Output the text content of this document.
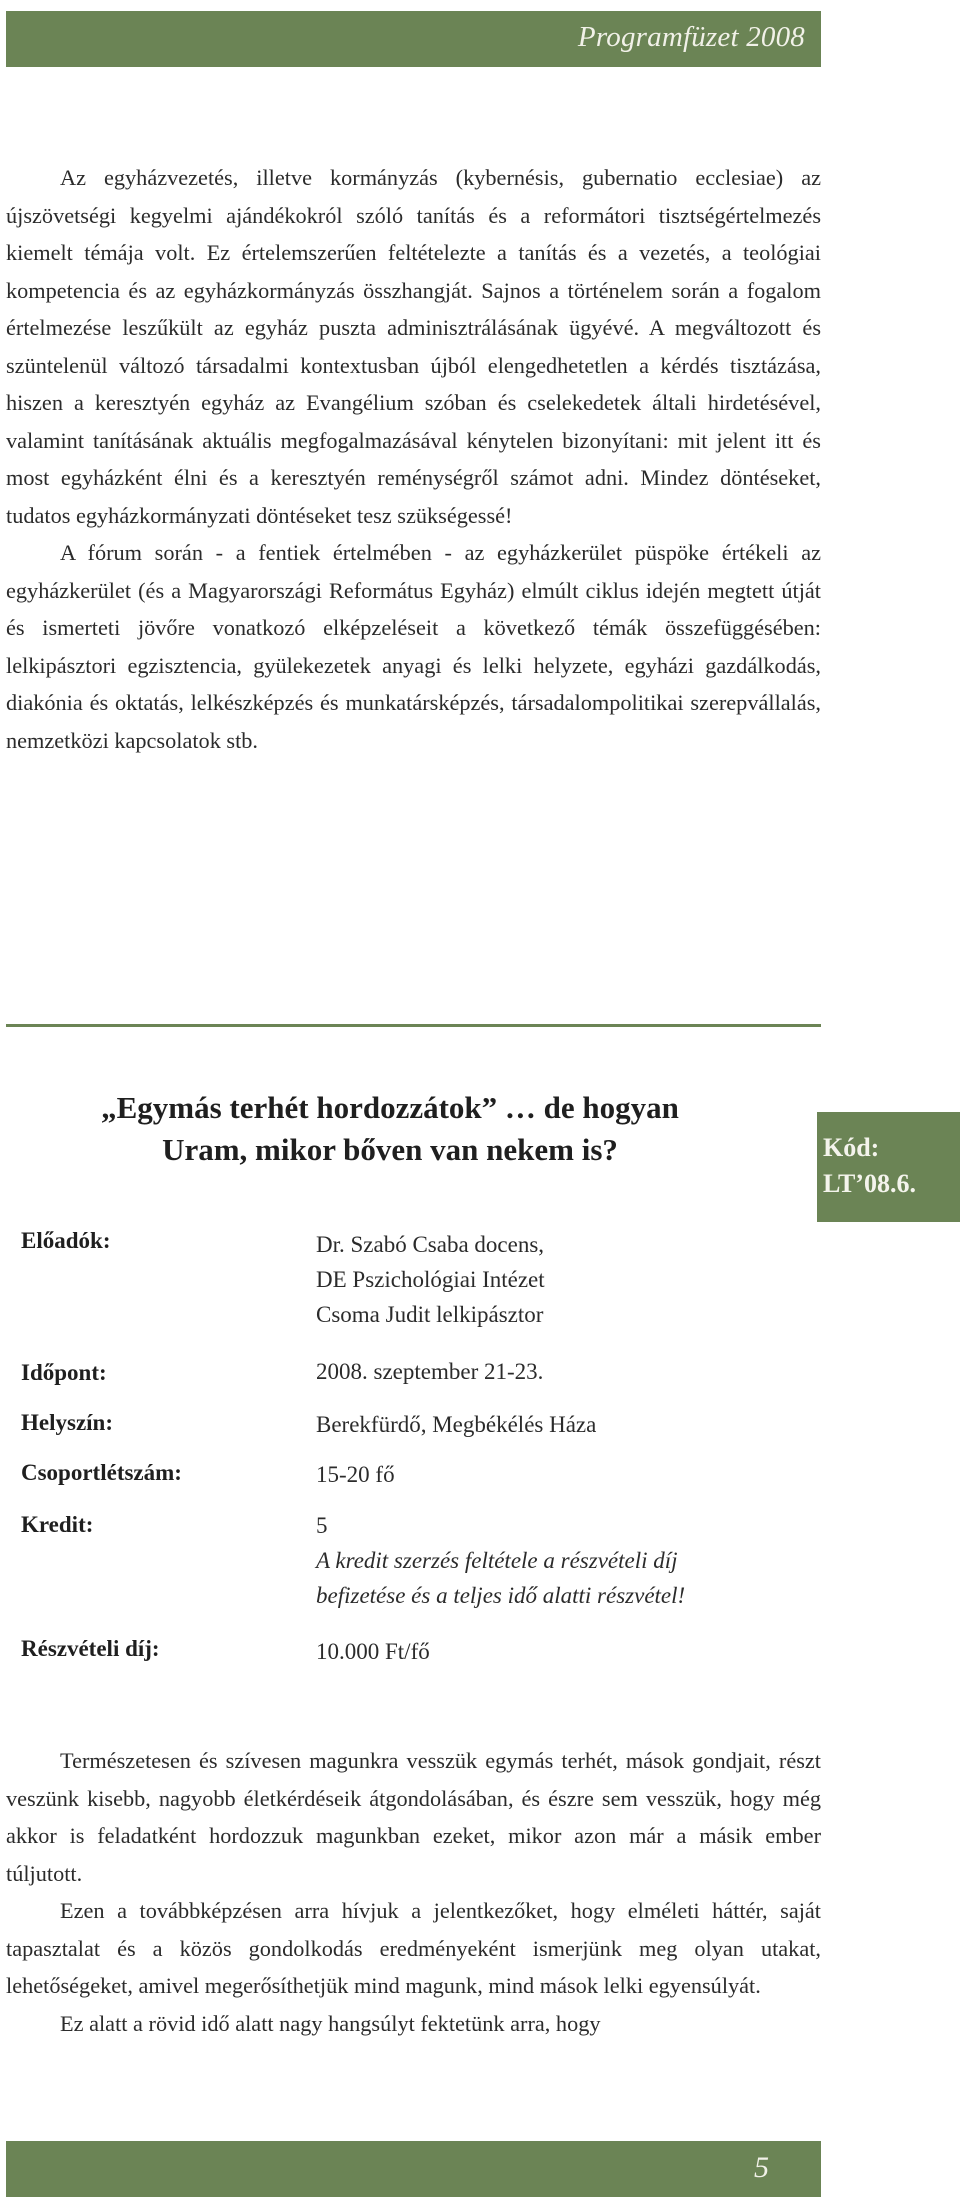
Programfüzet 2008

Az egyházvezetés, illetve kormányzás (kybernésis, gubernatio ecclesiae) az újszövetségi kegyelmi ajándékokról szóló tanítás és a reformátori tisztségértelmezés kiemelt témája volt. Ez értelemszerűen feltételezte a tanítás és a vezetés, a teológiai kompetencia és az egyházkormányzás összhangját. Sajnos a történelem során a fogalom értelmezése leszűkült az egyház puszta adminisztrálásának ügyévé. A megváltozott és szüntelenül változó társadalmi kontextusban újból elengedhetetlen a kérdés tisztázása, hiszen a keresztyén egyház az Evangélium szóban és cselekedetek általi hirdetésével, valamint tanításának aktuális megfogalmazásával kénytelen bizonyítani: mit jelent itt és most egyházként élni és a keresztyén reménységről számot adni. Mindez döntéseket, tudatos egyházkormányzati döntéseket tesz szükségessé!

A fórum során - a fentiek értelmében - az egyházkerület püspöke értékeli az egyházkerület (és a Magyarországi Református Egyház) elmúlt ciklus idején megtett útját és ismerteti jövőre vonatkozó elképzeléseit a következő témák összefüggésében: lelkipásztori egzisztencia, gyülekezetek anyagi és lelki helyzete, egyházi gazdálkodás, diakónia és oktatás, lelkészképzés és munkatársképzés, társadalompolitikai szerepvállalás, nemzetközi kapcsolatok stb.

„Egymás terhét hordozzátok” … de hogyan
Uram, mikor bőven van nekem is?	Kód:
LT’08.6.
Előadók:	Dr. Szabó Csaba docens,
DE Pszichológiai Intézet
Csoma Judit lelkipásztor
Időpont:	2008. szeptember 21-23.
Helyszín:	Berekfürdő, Megbékélés Háza
Csoportlétszám:	15-20 fő
Kredit:	5
A kredit szerzés feltétele a részvételi díj
befizetése és a teljes idő alatti részvétel!
Részvételi díj:	10.000 Ft/fő

Természetesen és szívesen magunkra vesszük egymás terhét, mások gondjait, részt veszünk kisebb, nagyobb életkérdéseik átgondolásában, és észre sem vesszük, hogy még akkor is feladatként hordozzuk magunkban ezeket, mikor azon már a másik ember túljutott.

Ezen a továbbképzésen arra hívjuk a jelentkezőket, hogy elméleti háttér, saját tapasztalat és a közös gondolkodás eredményeként ismerjünk meg olyan utakat, lehetőségeket, amivel megerősíthetjük mind magunk, mind mások lelki egyensúlyát.

Ez alatt a rövid idő alatt nagy hangsúlyt fektetünk arra, hogy

5
